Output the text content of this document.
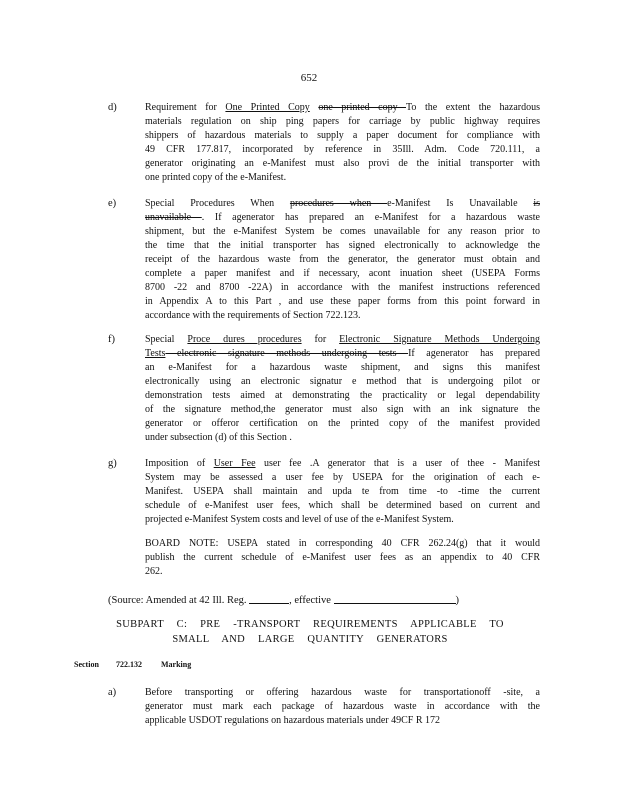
652
d)	Requirement for One Printed Copy one printed copy To the extent the hazardous
materials regulation on ship ping papers for carriage by public highway requires
shippers of hazardous materials to supply a paper document for compliance with
49 CFR 177.817, incorporated by reference in 35Ill. Adm. Code 720.111, a
generator originating an e-Manifest must also provi de the initial transporter with
one printed copy of the e-Manifest.
e)	Special Procedures When procedures when e-Manifest Is Unavailable is
unavailable . If agenerator has prepared an e-Manifest for a hazardous waste
shipment, but the e-Manifest System be comes unavailable for any reason prior to
the time that the initial transporter has signed electronically to acknowledge the
receipt of the hazardous waste from the generator, the generator must obtain and
complete a paper manifest and if necessary, acont inuation sheet (USEPA Forms
8700 -22 and 8700 -22A) in accordance with the manifest instructions referenced
in Appendix A to this Part , and use these paper forms from this point forward in
accordance with the requirements of Section 722.123.
f)	Special Proce dures procedures for Electronic Signature Methods Undergoing
Tests electronic signature methods undergoing tests If agenerator has prepared
an e-Manifest for a hazardous waste shipment, and signs this manifest
electronically using an electronic signatur e method that is undergoing pilot or
demonstration tests aimed at demonstrating the practicality or legal dependability
of the signature method,the generator must also sign with an ink signature the
generator or offeror certification on the printed copy of the manifest provided
under subsection (d) of this Section .
g)	Imposition of User Fee user fee .A generator that is a user of thee - Manifest
System may be assessed a user fee by USEPA for the origination of each e-
Manifest. USEPA shall maintain and upda te from time -to -time the current
schedule of e-Manifest user fees, which shall be determined based on current and
projected e-Manifest System costs and level of use of the e-Manifest System.
BOARD NOTE: USEPA stated in corresponding 40 CFR 262.24(g) that it would
publish the current schedule of e-Manifest user fees as an appendix to 40 CFR
262.
(Source: Amended at 42 Ill. Reg.	, effective	)
SUBPART C: PRE -TRANSPORT REQUIREMENTS APPLICABLE TO
SMALL AND LARGE QUANTITY GENERATORS
Section 722.132 Marking
a)	Before transporting or offering hazardous waste for transportationoff -site, a
generator must mark each package of hazardous waste in accordance with the
applicable USDOT regulations on hazardous materials under 49CF R 172
